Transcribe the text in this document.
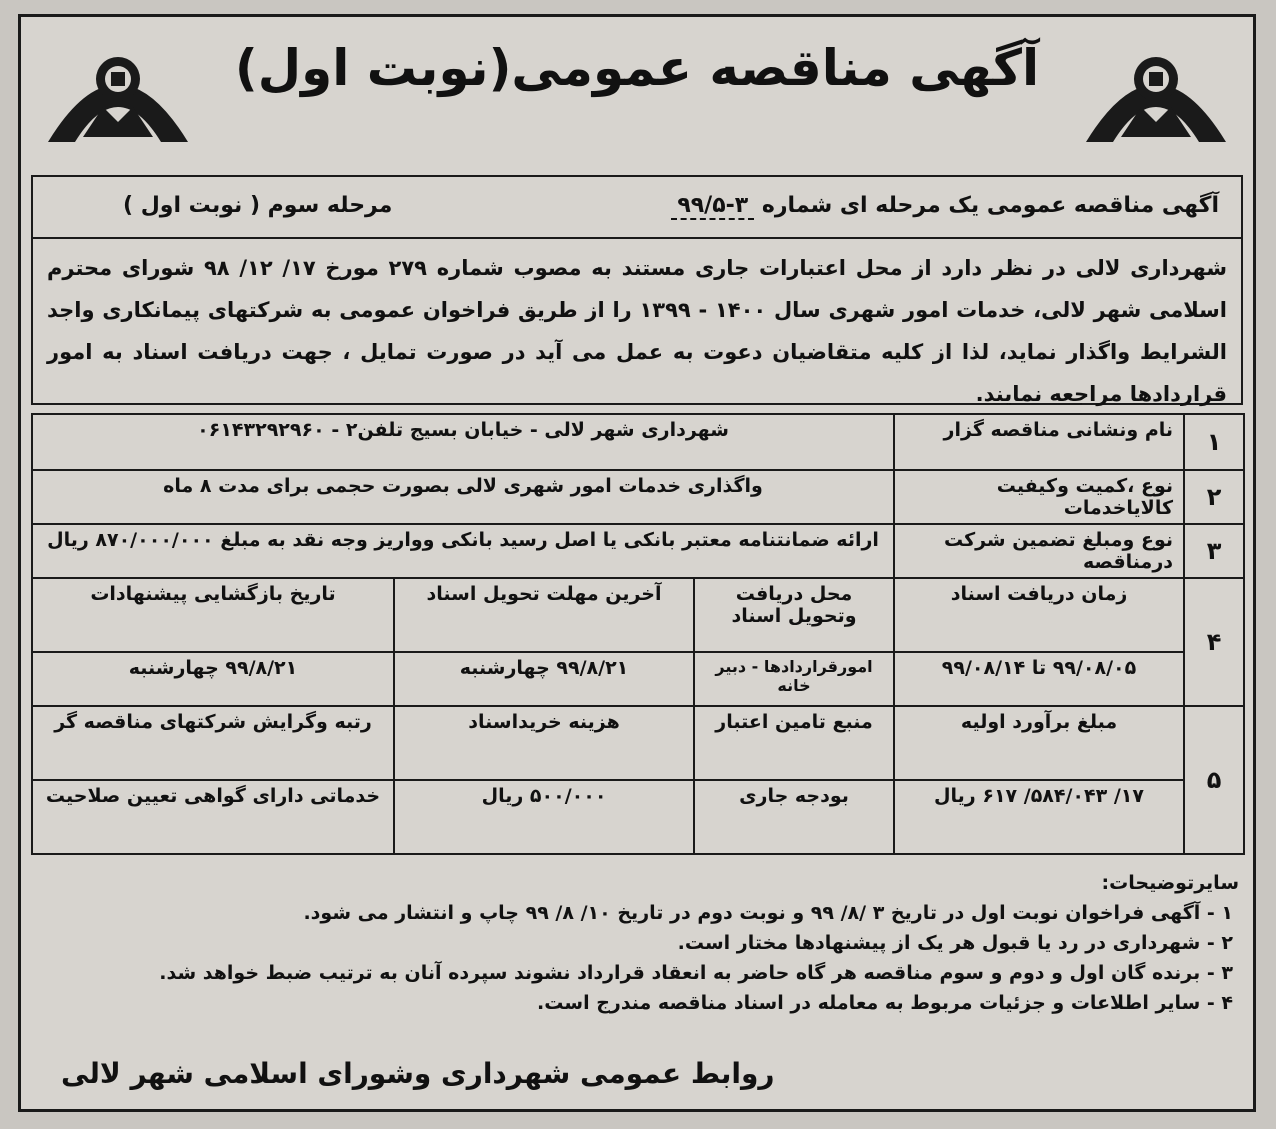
آگهی مناقصه عمومی(نوبت اول)
آگهی مناقصه عمومی یک مرحله ای شماره ۳-۹۹/۵
مرحله سوم ( نوبت اول )
شهرداری لالی در نظر دارد از محل اعتبارات جاری مستند به مصوب شماره ۲۷۹ مورخ ۱۷/ ۱۲/ ۹۸ شورای محترم اسلامی شهر لالی، خدمات امور شهری سال ۱۴۰۰ - ۱۳۹۹ را از طریق فراخوان عمومی به شرکتهای پیمانکاری واجد الشرایط واگذار نماید، لذا از کلیه متقاضیان دعوت به عمل می آید در صورت تمایل ، جهت دریافت اسناد به امور قراردادها مراجعه نمایند.
۱	نام ونشانی مناقصه گزار	شهرداری شهر لالی - خیابان بسیج تلفن۲ - ۰۶۱۴۳۲۹۲۹۶۰		
۲	نوع ،کمیت وکیفیت کالایاخدمات	واگذاری خدمات امور شهری لالی بصورت حجمی برای مدت ۸ ماه		
۳	نوع ومبلغ تضمین شرکت درمناقصه	ارائه ضمانتنامه معتبر بانکی یا اصل رسید بانکی وواریز وجه نقد به مبلغ ۸۷۰/۰۰۰/۰۰۰ ریال		
۴	زمان دریافت اسناد	محل دریافت وتحویل اسناد	آخرین مهلت تحویل اسناد	تاریخ بازگشایی پیشنهادات
	۹۹/۰۸/۰۵ تا ۹۹/۰۸/۱۴	امورقراردادها - دبیر خانه	۹۹/۸/۲۱ چهارشنبه	۹۹/۸/۲۱ چهارشنبه
۵	مبلغ برآورد اولیه	منبع تامین اعتبار	هزینه خریداسناد	رتبه وگرایش شرکتهای مناقصه گر
	۱۷/ ۵۸۴/۰۴۳/ ۶۱۷ ریال	بودجه جاری	۵۰۰/۰۰۰ ریال	خدماتی دارای گواهی تعیین صلاحیت
سایرتوضیحات:
۱ - آگهی فراخوان نوبت اول در تاریخ ۳ /۸/ ۹۹ و نوبت دوم در تاریخ ۱۰/ ۸/ ۹۹ چاپ و انتشار می شود.
۲ - شهرداری در رد یا قبول هر یک از پیشنهادها مختار است.
۳ - برنده گان اول و دوم و سوم مناقصه هر گاه حاضر به انعقاد قرارداد نشوند سپرده آنان به ترتیب ضبط خواهد شد.
۴ - سایر اطلاعات و جزئیات مربوط به معامله در اسناد مناقصه مندرج است.
روابط عمومی شهرداری وشورای اسلامی شهر لالی
